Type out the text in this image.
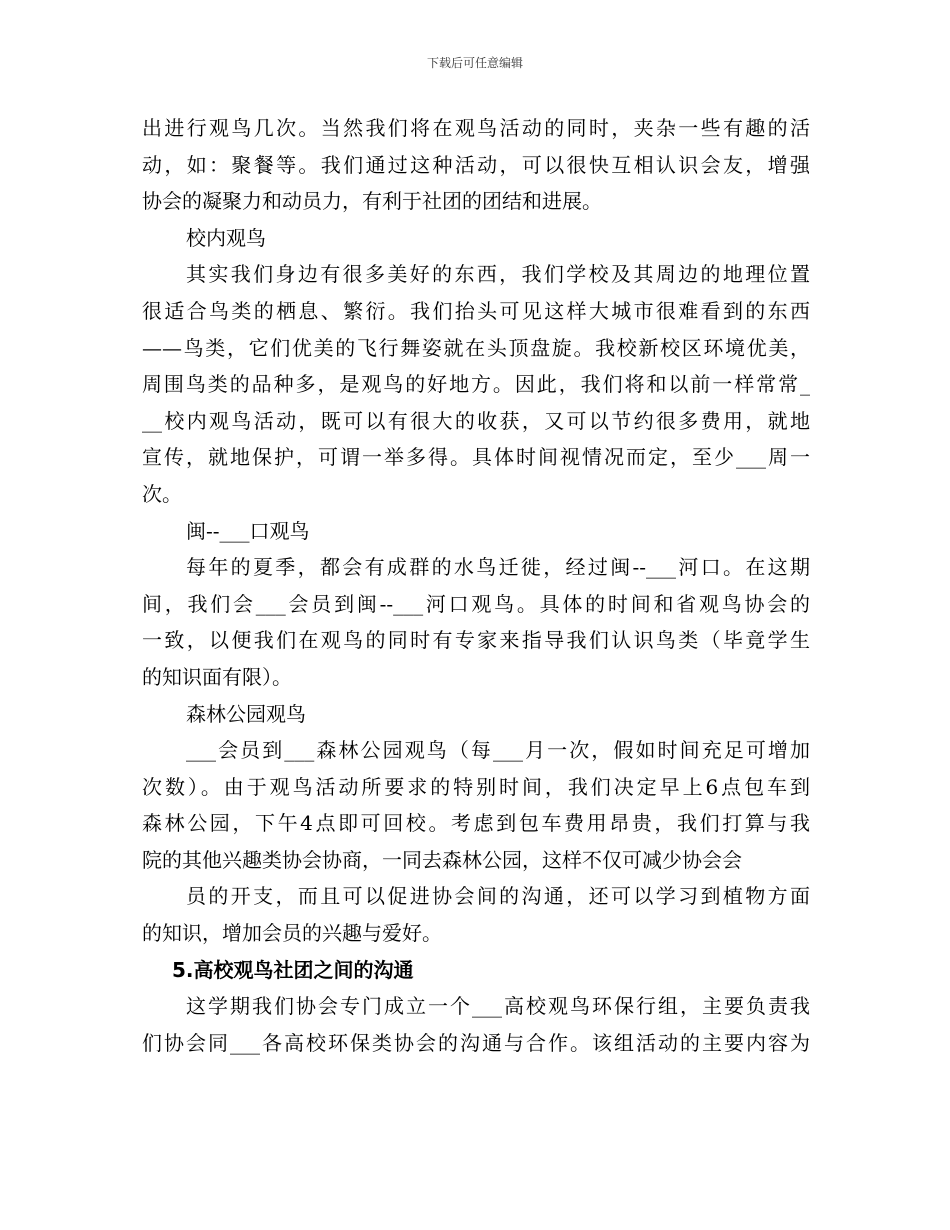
下载后可任意编辑
出进行观鸟几次。当然我们将在观鸟活动的同时，夹杂一些有趣的活
动，如：聚餐等。我们通过这种活动，可以很快互相认识会友，增强
协会的凝聚力和动员力，有利于社团的团结和进展。
校内观鸟
其实我们身边有很多美好的东西，我们学校及其周边的地理位置
很适合鸟类的栖息、繁衍。我们抬头可见这样大城市很难看到的东西
——鸟类，它们优美的飞行舞姿就在头顶盘旋。我校新校区环境优美，
周围鸟类的品种多，是观鸟的好地方。因此，我们将和以前一样常常_
__校内观鸟活动，既可以有很大的收获，又可以节约很多费用，就地
宣传，就地保护，可谓一举多得。具体时间视情况而定，至少___周一
次。
闽--___口观鸟
每年的夏季，都会有成群的水鸟迁徙，经过闽--___河口。在这期
间，我们会___会员到闽--___河口观鸟。具体的时间和省观鸟协会的
一致，以便我们在观鸟的同时有专家来指导我们认识鸟类（毕竟学生
的知识面有限）。
森林公园观鸟
___会员到___森林公园观鸟（每___月一次，假如时间充足可增加
次数）。由于观鸟活动所要求的特别时间，我们决定早上6点包车到
森林公园，下午4点即可回校。考虑到包车费用昂贵，我们打算与我
院的其他兴趣类协会协商，一同去森林公园，这样不仅可减少协会会
员的开支，而且可以促进协会间的沟通，还可以学习到植物方面
的知识，增加会员的兴趣与爱好。
5.高校观鸟社团之间的沟通
这学期我们协会专门成立一个___高校观鸟环保行组，主要负责我
们协会同___各高校环保类协会的沟通与合作。该组活动的主要内容为
